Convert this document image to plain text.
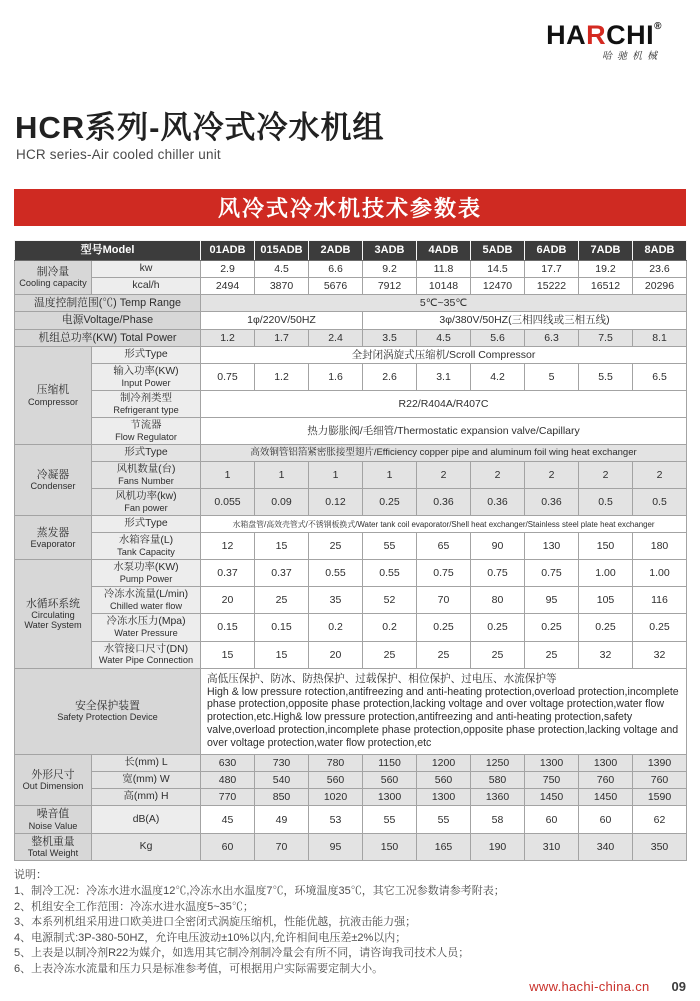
HARCHI®
哈驰机械
HCR系列-风冷式冷水机组
HCR series-Air cooled chiller unit
风冷式冷水机技术参数表
型号Model		01ADB	015ADB	2ADB	3ADB	4ADB	5ADB	6ADB	7ADB	8ADB
制冷量
Cooling capacity	kw	2.9	4.5	6.6	9.2	11.8	14.5	17.7	19.2	23.6
	kcal/h	2494	3870	5676	7912	10148	12470	15222	16512	20296
温度控制范围(℃) Temp Range		5℃~35℃								
电源Voltage/Phase		1φ/220V/50HZ			3φ/380V/50HZ(三相四线或三相五线)					
机组总功率(KW) Total Power		1.2	1.7	2.4	3.5	4.5	5.6	6.3	7.5	8.1
压缩机
Compressor	形式Type	全封闭涡旋式压缩机/Scroll Compressor								
	输入功率(KW)
Input Power	0.75	1.2	1.6	2.6	3.1	4.2	5	5.5	6.5
	制冷剂类型
Refrigerant type	R22/R404A/R407C								
	节流器
Flow Regulator	热力膨胀阀/毛细管/Thermostatic expansion valve/Capillary								
冷凝器
Condenser	形式Type	高效铜管铝箔紧密胀接型翅片/Efficiency copper pipe and aluminum foil wing heat exchanger								
	风机数量(台)
Fans Number	1	1	1	1	2	2	2	2	2
	风机功率(kw)
Fan power	0.055	0.09	0.12	0.25	0.36	0.36	0.36	0.5	0.5
蒸发器
Evaporator	形式Type	水箱盘管/高效壳管式/不锈钢板换式/Water tank coil evaporator/Shell heat exchanger/Stainless steel plate heat exchanger								
	水箱容量(L)
Tank Capacity	12	15	25	55	65	90	130	150	180
水循环系统
Circulating
Water System	水泵功率(KW)
Pump Power	0.37	0.37	0.55	0.55	0.75	0.75	0.75	1.00	1.00
	冷冻水流量(L/min)
Chilled water flow	20	25	35	52	70	80	95	105	116
	冷冻水压力(Mpa)
Water Pressure	0.15	0.15	0.2	0.2	0.25	0.25	0.25	0.25	0.25
	水管接口尺寸(DN)
Water Pipe Connection	15	15	20	25	25	25	25	32	32
安全保护装置
Safety Protection Device		高低压保护、防冰、防热保护、过载保护、相位保护、过电压、水流保护等
High & low pressure rotection,antifreezing and anti-heating protection,overload protection,incomplete phase protection,opposite phase protection,lacking voltage and over voltage protection,water flow protection,etc.High& low pressure protection,antifreezing and anti-heating protection,safety valve,overload protection,incomplete phase protection,opposite phase protection,lacking voltage and over voltage protection,water flow protection,etc								

外形尺寸
Out Dimension	长(mm) L	630	730	780	1150	1200	1250	1300	1300	1390
	宽(mm) W	480	540	560	560	560	580	750	760	760
	高(mm) H	770	850	1020	1300	1300	1360	1450	1450	1590
噪音值
Noise Value	dB(A)	45	49	53	55	55	58	60	60	62
整机重量
Total Weight	Kg	60	70	95	150	165	190	310	340	350
说明：
1、制冷工况：冷冻水进水温度12℃,冷冻水出水温度7℃，环境温度35℃，其它工况参数请参考附表；
2、机组安全工作范围：冷冻水进水温度5~35℃；
3、本系列机组采用进口欧美进口全密闭式涡旋压缩机，性能优越，抗液击能力强；
4、电源制式:3P-380-50HZ，允许电压波动±10%以内,允许相间电压差±2%以内；
5、上表是以制冷剂R22为媒介，如选用其它制冷剂制冷量会有所不同，请咨询我司技术人员；
6、上表冷冻水流量和压力只是标准参考值，可根据用户实际需要定制大小。
www.hachi-china.cn 09
